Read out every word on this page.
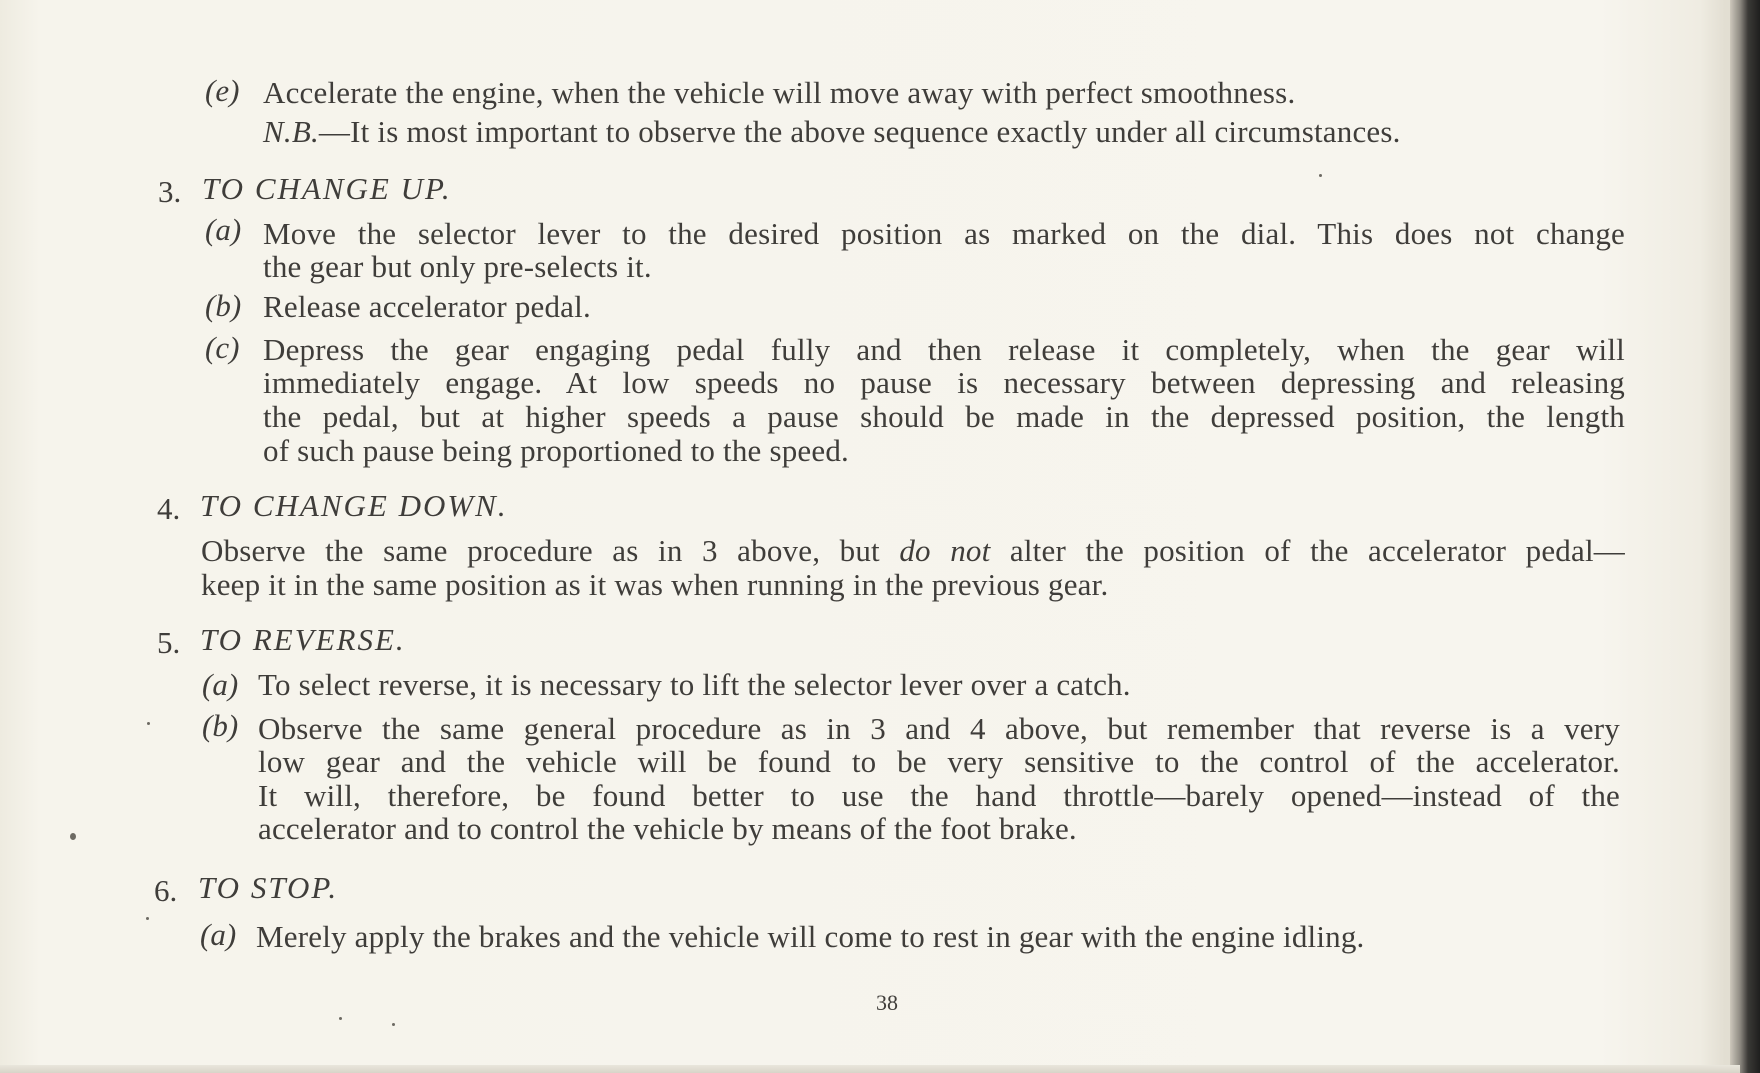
(e) Accelerate the engine, when the vehicle will move away with perfect smoothness.
N.B.—It is most important to observe the above sequence exactly under all circumstances.
3. TO CHANGE UP.
(a) Move the selector lever to the desired position as marked on the dial. This does not change
the gear but only pre-selects it.
(b) Release accelerator pedal.
(c) Depress the gear engaging pedal fully and then release it completely, when the gear will
immediately engage. At low speeds no pause is necessary between depressing and releasing
the pedal, but at higher speeds a pause should be made in the depressed position, the length
of such pause being proportioned to the speed.
4. TO CHANGE DOWN.
Observe the same procedure as in 3 above, but do not alter the position of the accelerator pedal—
keep it in the same position as it was when running in the previous gear.
5. TO REVERSE.
(a) To select reverse, it is necessary to lift the selector lever over a catch.
(b) Observe the same general procedure as in 3 and 4 above, but remember that reverse is a very
low gear and the vehicle will be found to be very sensitive to the control of the accelerator.
It will, therefore, be found better to use the hand throttle—barely opened—instead of the
accelerator and to control the vehicle by means of the foot brake.
6. TO STOP.
(a) Merely apply the brakes and the vehicle will come to rest in gear with the engine idling.
38
